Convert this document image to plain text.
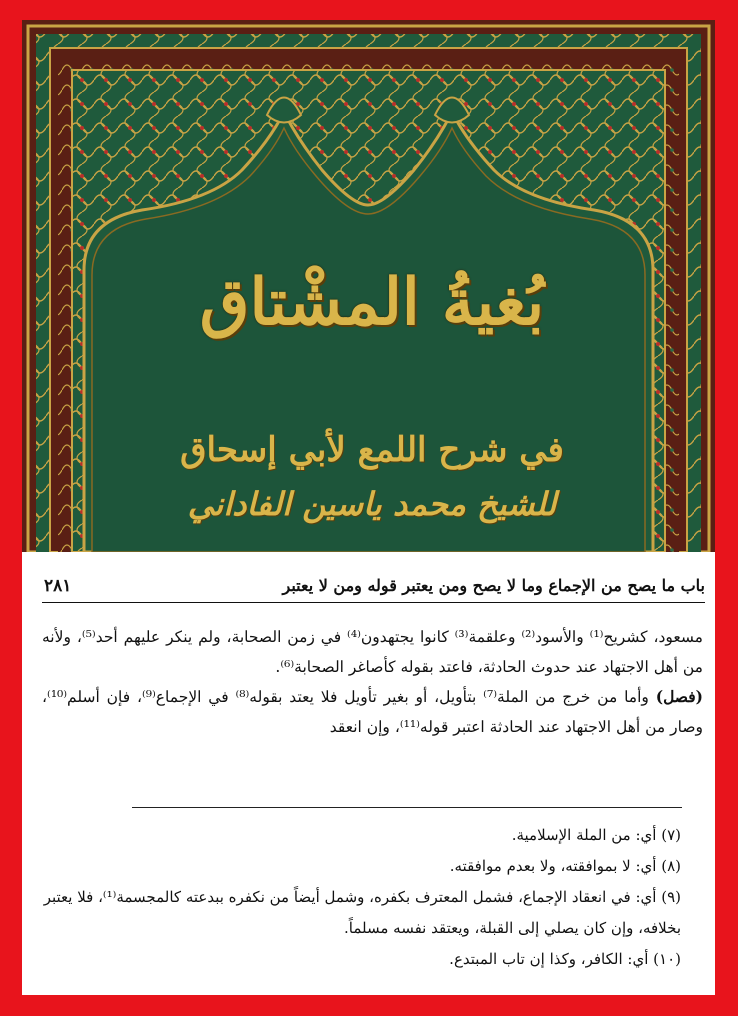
بُغيةُ المشْتاق
في شرح اللمع لأبي إسحاق
للشيخ محمد ياسين الفاداني
باب ما يصح من الإجماع وما لا يصح ومن يعتبر قوله ومن لا يعتبر
٢٨١

مسعود، كشريح⁽¹⁾ والأسود⁽²⁾ وعلقمة⁽³⁾ كانوا يجتهدون⁽⁴⁾ في زمن الصحابة، ولم ينكر عليهم أحد⁽⁵⁾، ولأنه من أهل الاجتهاد عند حدوث الحادثة، فاعتد بقوله كأصاغر الصحابة⁽⁶⁾.

(فصل) وأما من خرج من الملة⁽⁷⁾ بتأويل، أو بغير تأويل فلا يعتد بقوله⁽⁸⁾ في الإجماع⁽⁹⁾، فإن أسلم⁽¹⁰⁾، وصار من أهل الاجتهاد عند الحادثة اعتبر قوله⁽¹¹⁾، وإن انعقد

(٧) أي: من الملة الإسلامية.

(٨) أي: لا بموافقته، ولا بعدم موافقته.

(٩) أي: في انعقاد الإجماع، فشمل المعترف بكفره، وشمل أيضاً من نكفره ببدعته كالمجسمة⁽¹⁾، فلا يعتبر بخلافه، وإن كان يصلي إلى القبلة، ويعتقد نفسه مسلماً.

(١٠) أي: الكافر، وكذا إن تاب المبتدع.
